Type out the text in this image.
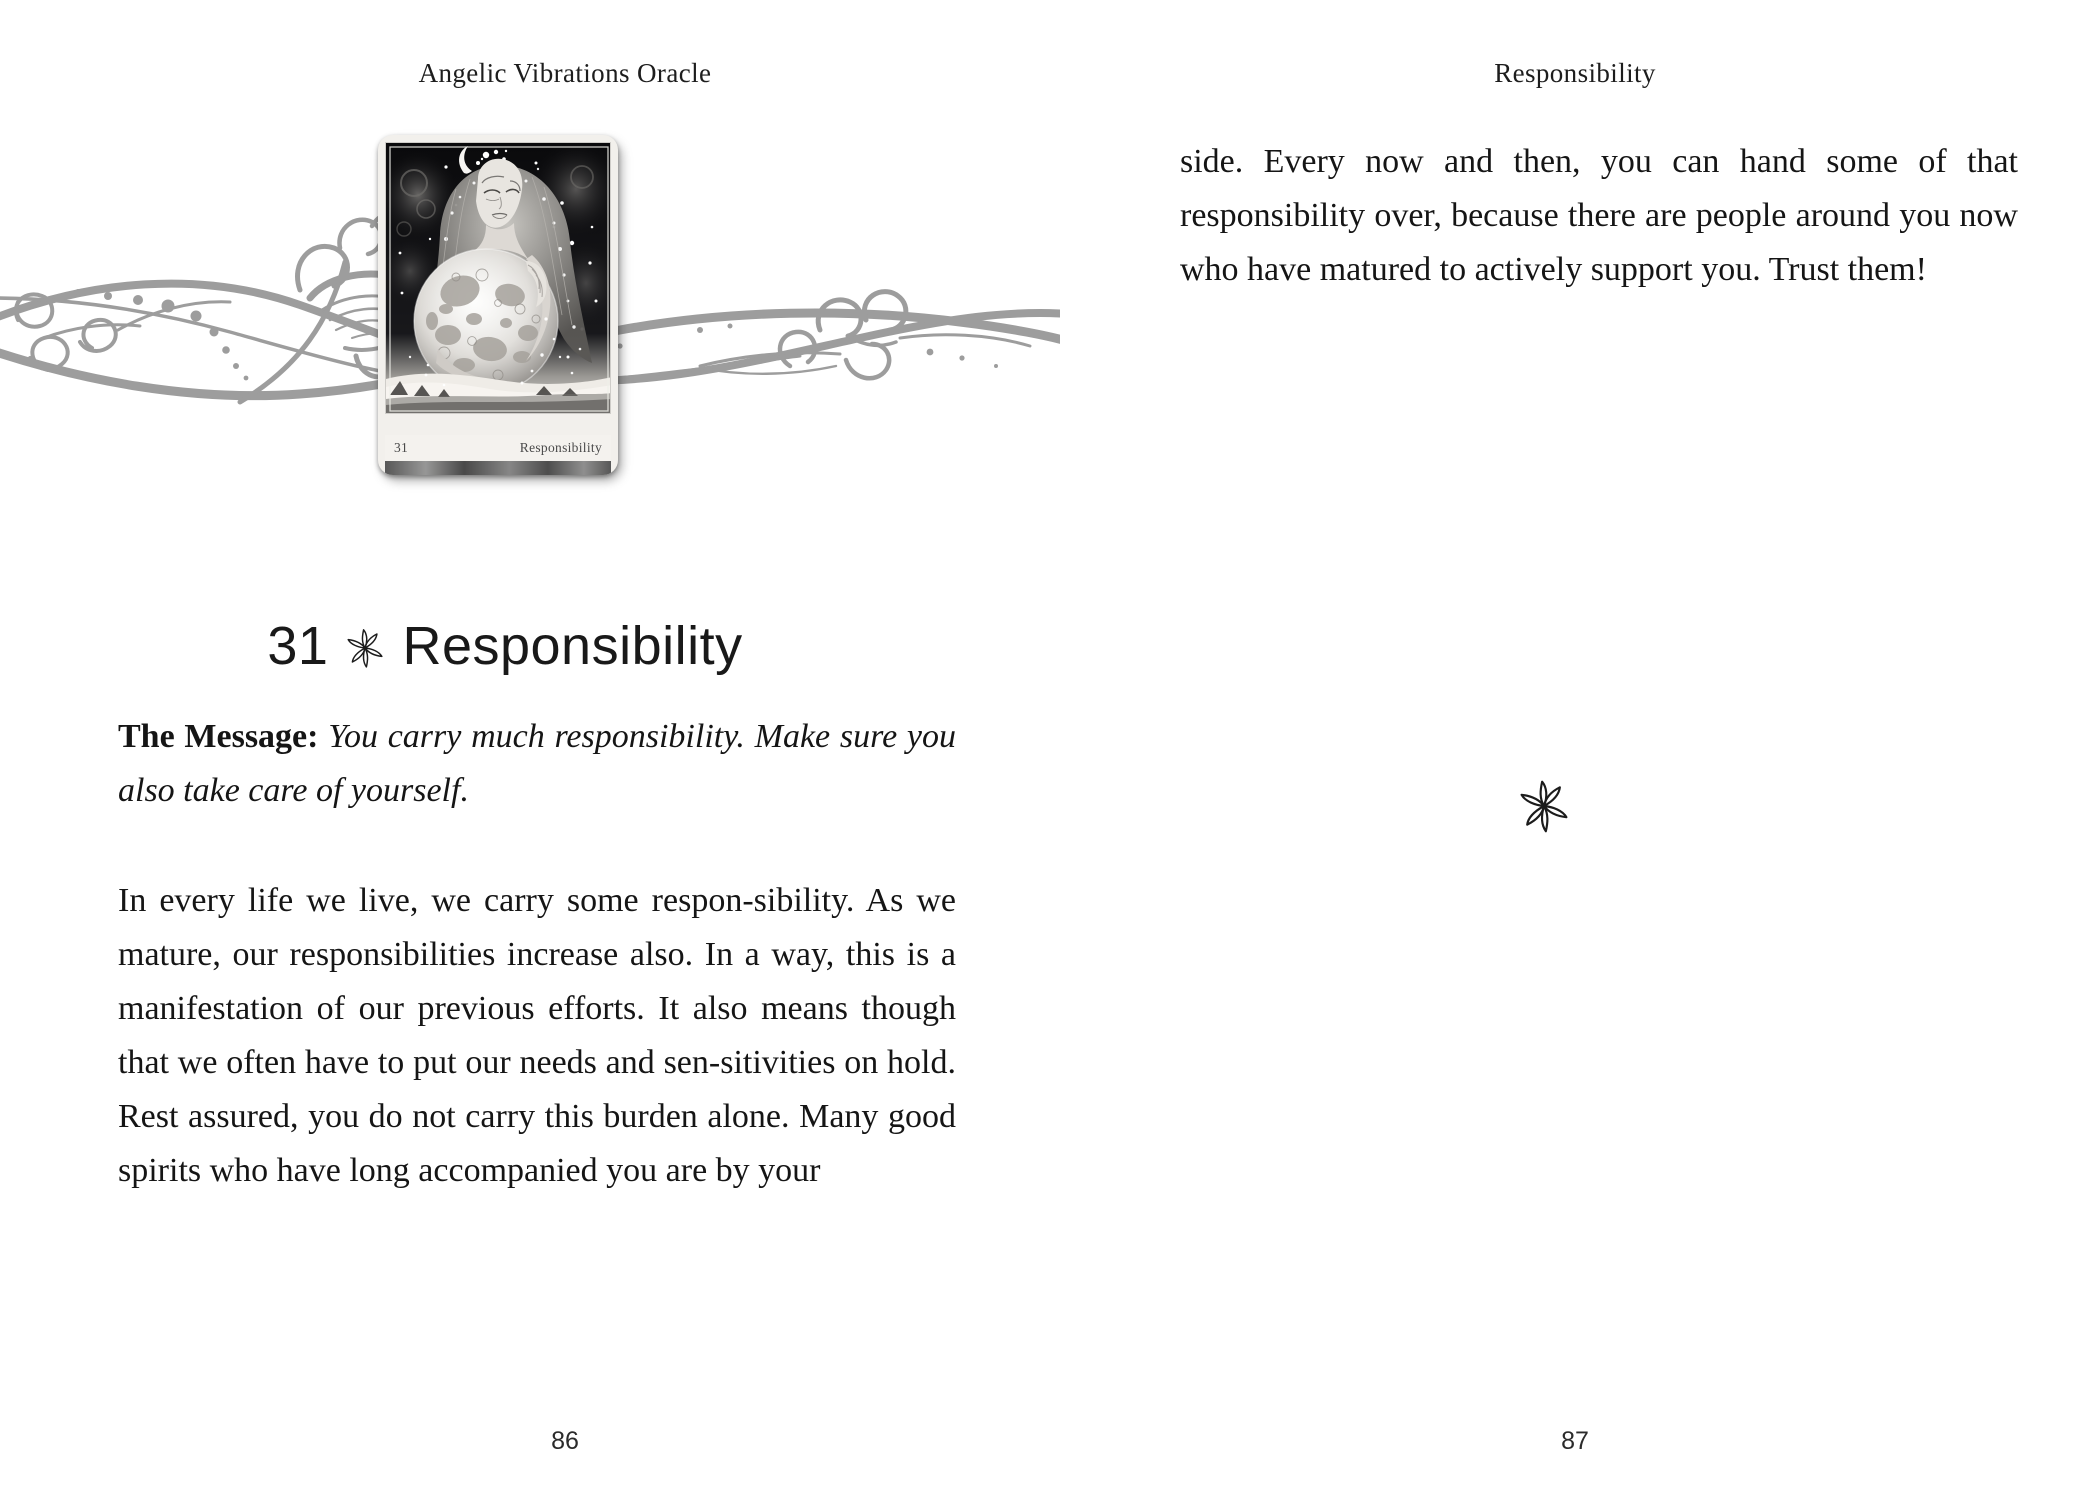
Angelic Vibrations Oracle
31	Responsibility
31 Responsibility

The Message: You carry much responsibility. Make sure you also take care of yourself.

In every life we live, we carry some respon-sibility. As we mature, our responsibilities increase also. In a way, this is a manifestation of our previous efforts. It also means though that we often have to put our needs and sen-sitivities on hold. Rest assured, you do not carry this burden alone. Many good spirits who have long accompanied you are by your

86
Responsibility

side. Every now and then, you can hand some of that responsibility over, because there are people around you now who have matured to actively support you. Trust them!

87
